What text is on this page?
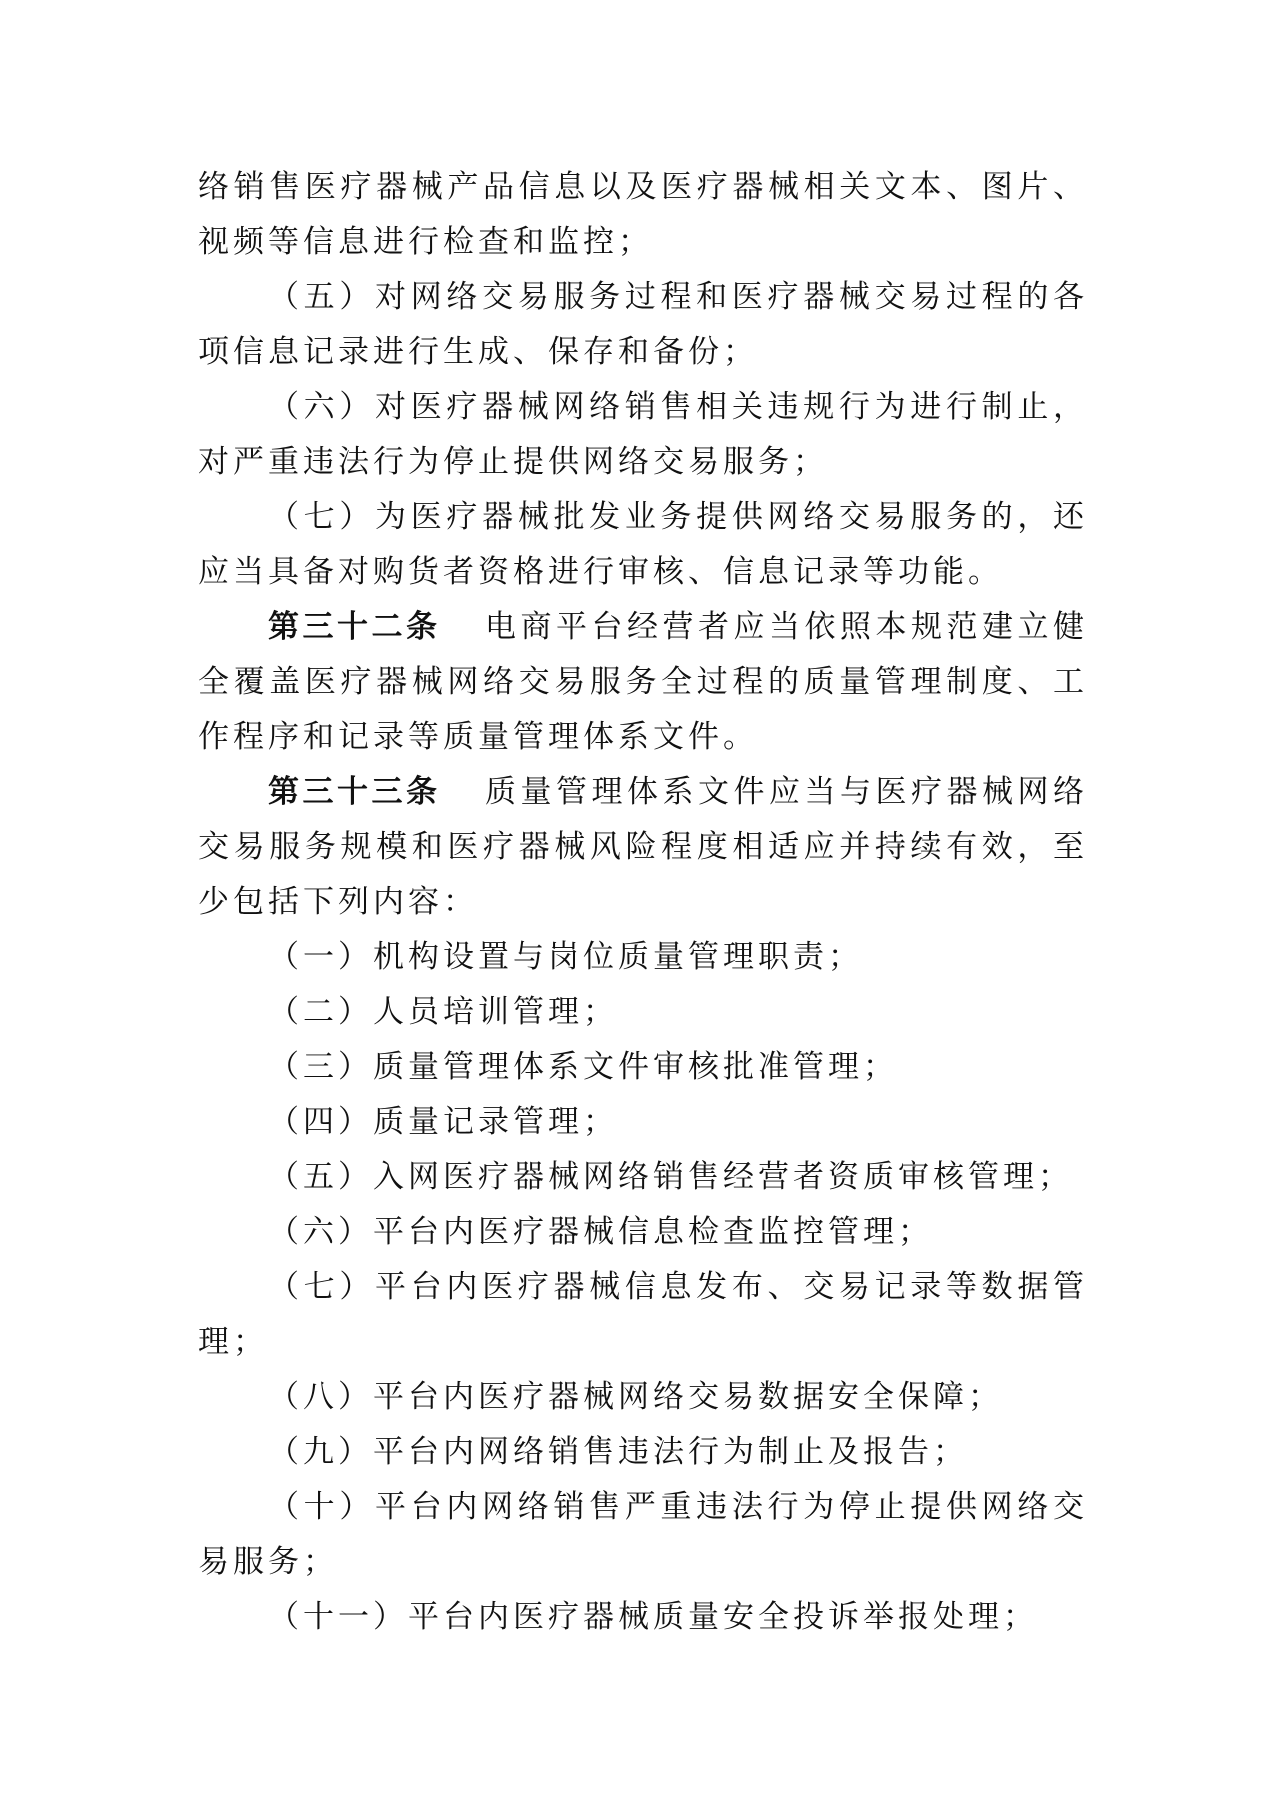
络销售医疗器械产品信息以及医疗器械相关文本、图片、视频等信息进行检查和监控；

（五）对网络交易服务过程和医疗器械交易过程的各项信息记录进行生成、保存和备份；

（六）对医疗器械网络销售相关违规行为进行制止，对严重违法行为停止提供网络交易服务；

（七）为医疗器械批发业务提供网络交易服务的，还应当具备对购货者资格进行审核、信息记录等功能。

第三十二条 电商平台经营者应当依照本规范建立健全覆盖医疗器械网络交易服务全过程的质量管理制度、工作程序和记录等质量管理体系文件。

第三十三条 质量管理体系文件应当与医疗器械网络交易服务规模和医疗器械风险程度相适应并持续有效，至少包括下列内容：

（一）机构设置与岗位质量管理职责；

（二）人员培训管理；

（三）质量管理体系文件审核批准管理；

（四）质量记录管理；

（五）入网医疗器械网络销售经营者资质审核管理；

（六）平台内医疗器械信息检查监控管理；

（七）平台内医疗器械信息发布、交易记录等数据管理；

（八）平台内医疗器械网络交易数据安全保障；

（九）平台内网络销售违法行为制止及报告；

（十）平台内网络销售严重违法行为停止提供网络交易服务；

（十一）平台内医疗器械质量安全投诉举报处理；
